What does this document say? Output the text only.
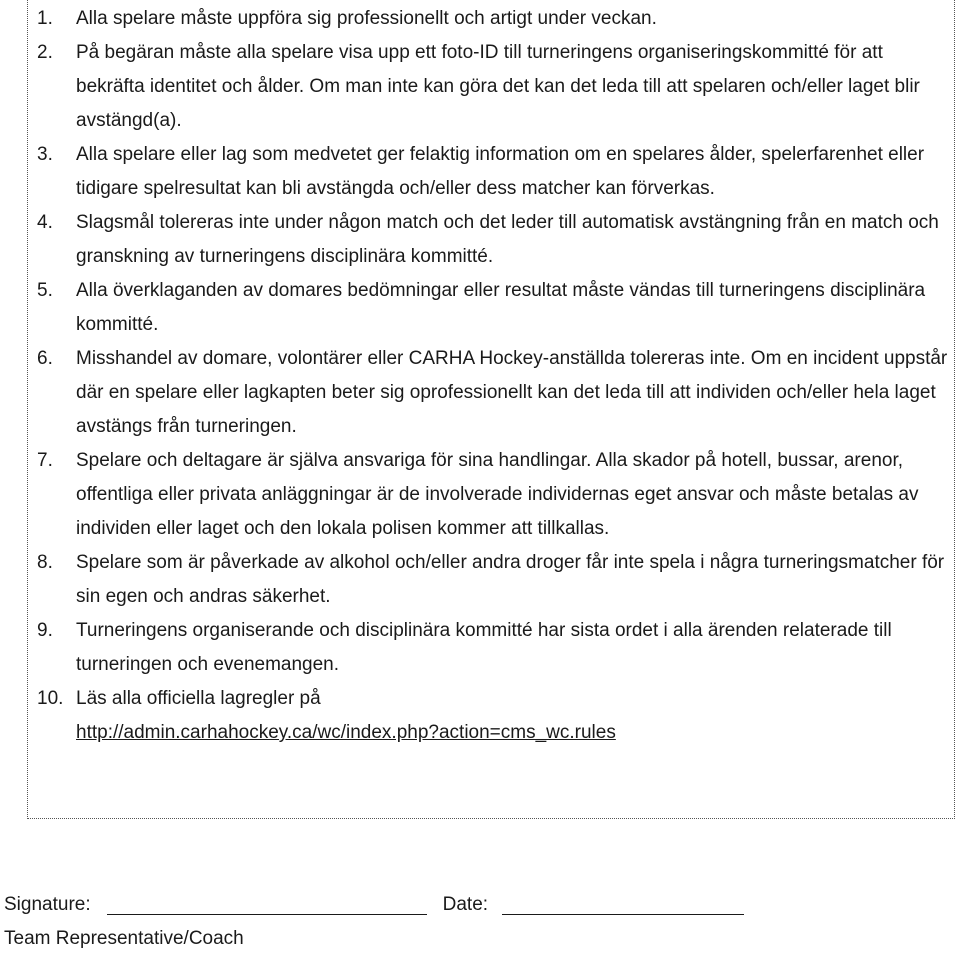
1. Alla spelare måste uppföra sig professionellt och artigt under veckan.
2. På begäran måste alla spelare visa upp ett foto-ID till turneringens organiseringskommitté för att bekräfta identitet och ålder. Om man inte kan göra det kan det leda till att spelaren och/eller laget blir avstängd(a).
3. Alla spelare eller lag som medvetet ger felaktig information om en spelares ålder, spelerfarenhet eller tidigare spelresultat kan bli avstängda och/eller dess matcher kan förverkas.
4. Slagsmål tolereras inte under någon match och det leder till automatisk avstängning från en match och granskning av turneringens disciplinära kommitté.
5. Alla överklaganden av domares bedömningar eller resultat måste vändas till turneringens disciplinära kommitté.
6. Misshandel av domare, volontärer eller CARHA Hockey-anställda tolereras inte. Om en incident uppstår där en spelare eller lagkapten beter sig oprofessionellt kan det leda till att individen och/eller hela laget avstängs från turneringen.
7. Spelare och deltagare är själva ansvariga för sina handlingar. Alla skador på hotell, bussar, arenor, offentliga eller privata anläggningar är de involverade individernas eget ansvar och måste betalas av individen eller laget och den lokala polisen kommer att tillkallas.
8. Spelare som är påverkade av alkohol och/eller andra droger får inte spela i några turneringsmatcher för sin egen och andras säkerhet.
9. Turneringens organiserande och disciplinära kommitté har sista ordet i alla ärenden relaterade till turneringen och evenemangen.
10. Läs alla officiella lagregler på
http://admin.carhahockey.ca/wc/index.php?action=cms_wc.rules
Signature:	Date:
Team Representative/Coach
